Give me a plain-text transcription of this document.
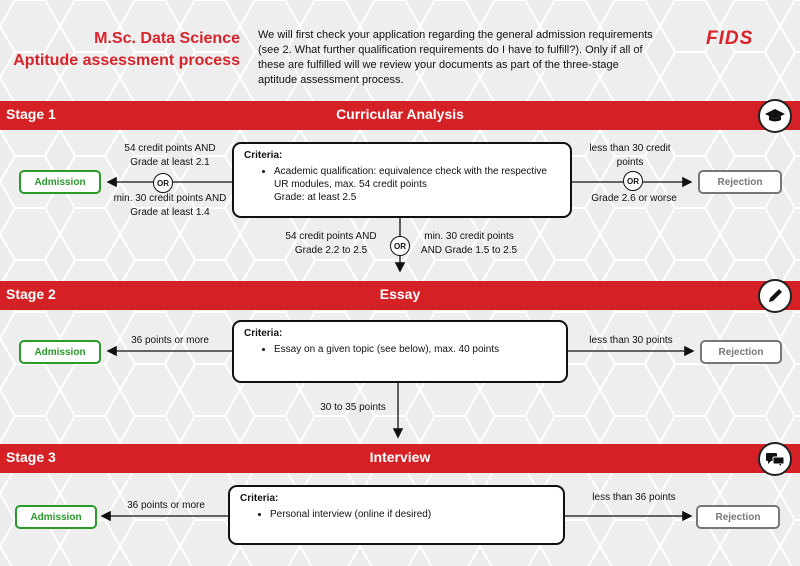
M.Sc. Data Science
Aptitude assessment process
We will first check your application regarding the general admission requirements (see 2. What further qualification requirements do I have to fulfill?). Only if all of these are fulfilled will we review your documents as part of the three-stage aptitude assessment process.
FIDS
Stage 1	Curricular Analysis
Criteria:
• Academic qualification: equivalence check with the respective UR modules, max. 54 credit points
Grade: at least 2.5
Admission	Rejection
54 credit points AND Grade at least 2.1
OR
min. 30 credit points AND Grade at least 1.4
less than 30 credit points
OR
Grade 2.6 or worse
54 credit points AND Grade 2.2 to 2.5	OR
min. 30 credit points AND Grade 1.5 to 2.5
Stage 2	Essay
Criteria:
• Essay on a given topic (see below), max. 40 points
Admission	Rejection
36 points or more	less than 30 points
30 to 35 points
Stage 3	Interview
Criteria:
• Personal interview (online if desired)
Admission	Rejection
36 points or more
less than 36 points
